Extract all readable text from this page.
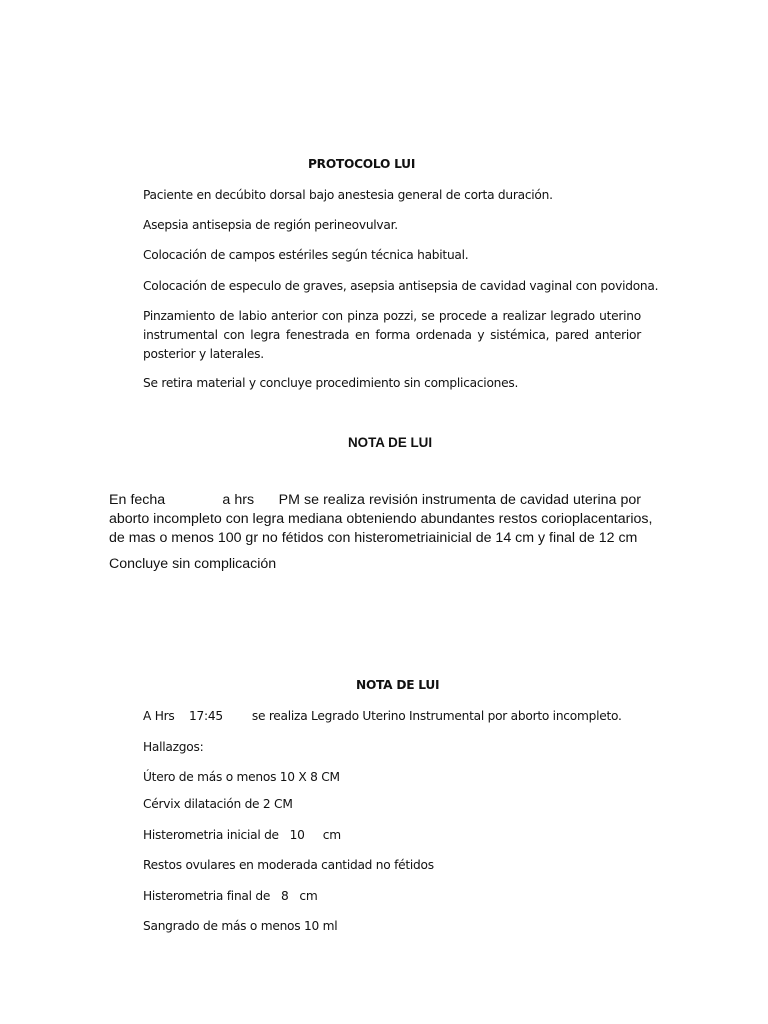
PROTOCOLO LUI

Paciente en decúbito dorsal bajo anestesia general de corta duración.

Asepsia antisepsia de región perineovulvar.

Colocación de campos estériles según técnica habitual.

Colocación de especulo de graves, asepsia antisepsia de cavidad vaginal con povidona.

Pinzamiento de labio anterior con pinza pozzi, se procede a realizar legrado uterino
instrumental con legra fenestrada en forma ordenada y sistémica, pared anterior
posterior y laterales.

Se retira material y concluye procedimiento sin complicaciones.

NOTA DE LUI

En fecha              a hrs      PM se realiza revisión instrumenta de cavidad uterina por
aborto incompleto con legra mediana obteniendo abundantes restos corioplacentarios,
de mas o menos 100 gr no fétidos con histerometriainicial de 14 cm y final de 12 cm

Concluye sin complicación

NOTA DE LUI

A Hrs    17:45        se realiza Legrado Uterino Instrumental por aborto incompleto.

Hallazgos:

Útero de más o menos 10 X 8 CM

Cérvix dilatación de 2 CM

Histerometria inicial de   10     cm

Restos ovulares en moderada cantidad no fétidos

Histerometria final de   8   cm

Sangrado de más o menos 10 ml
